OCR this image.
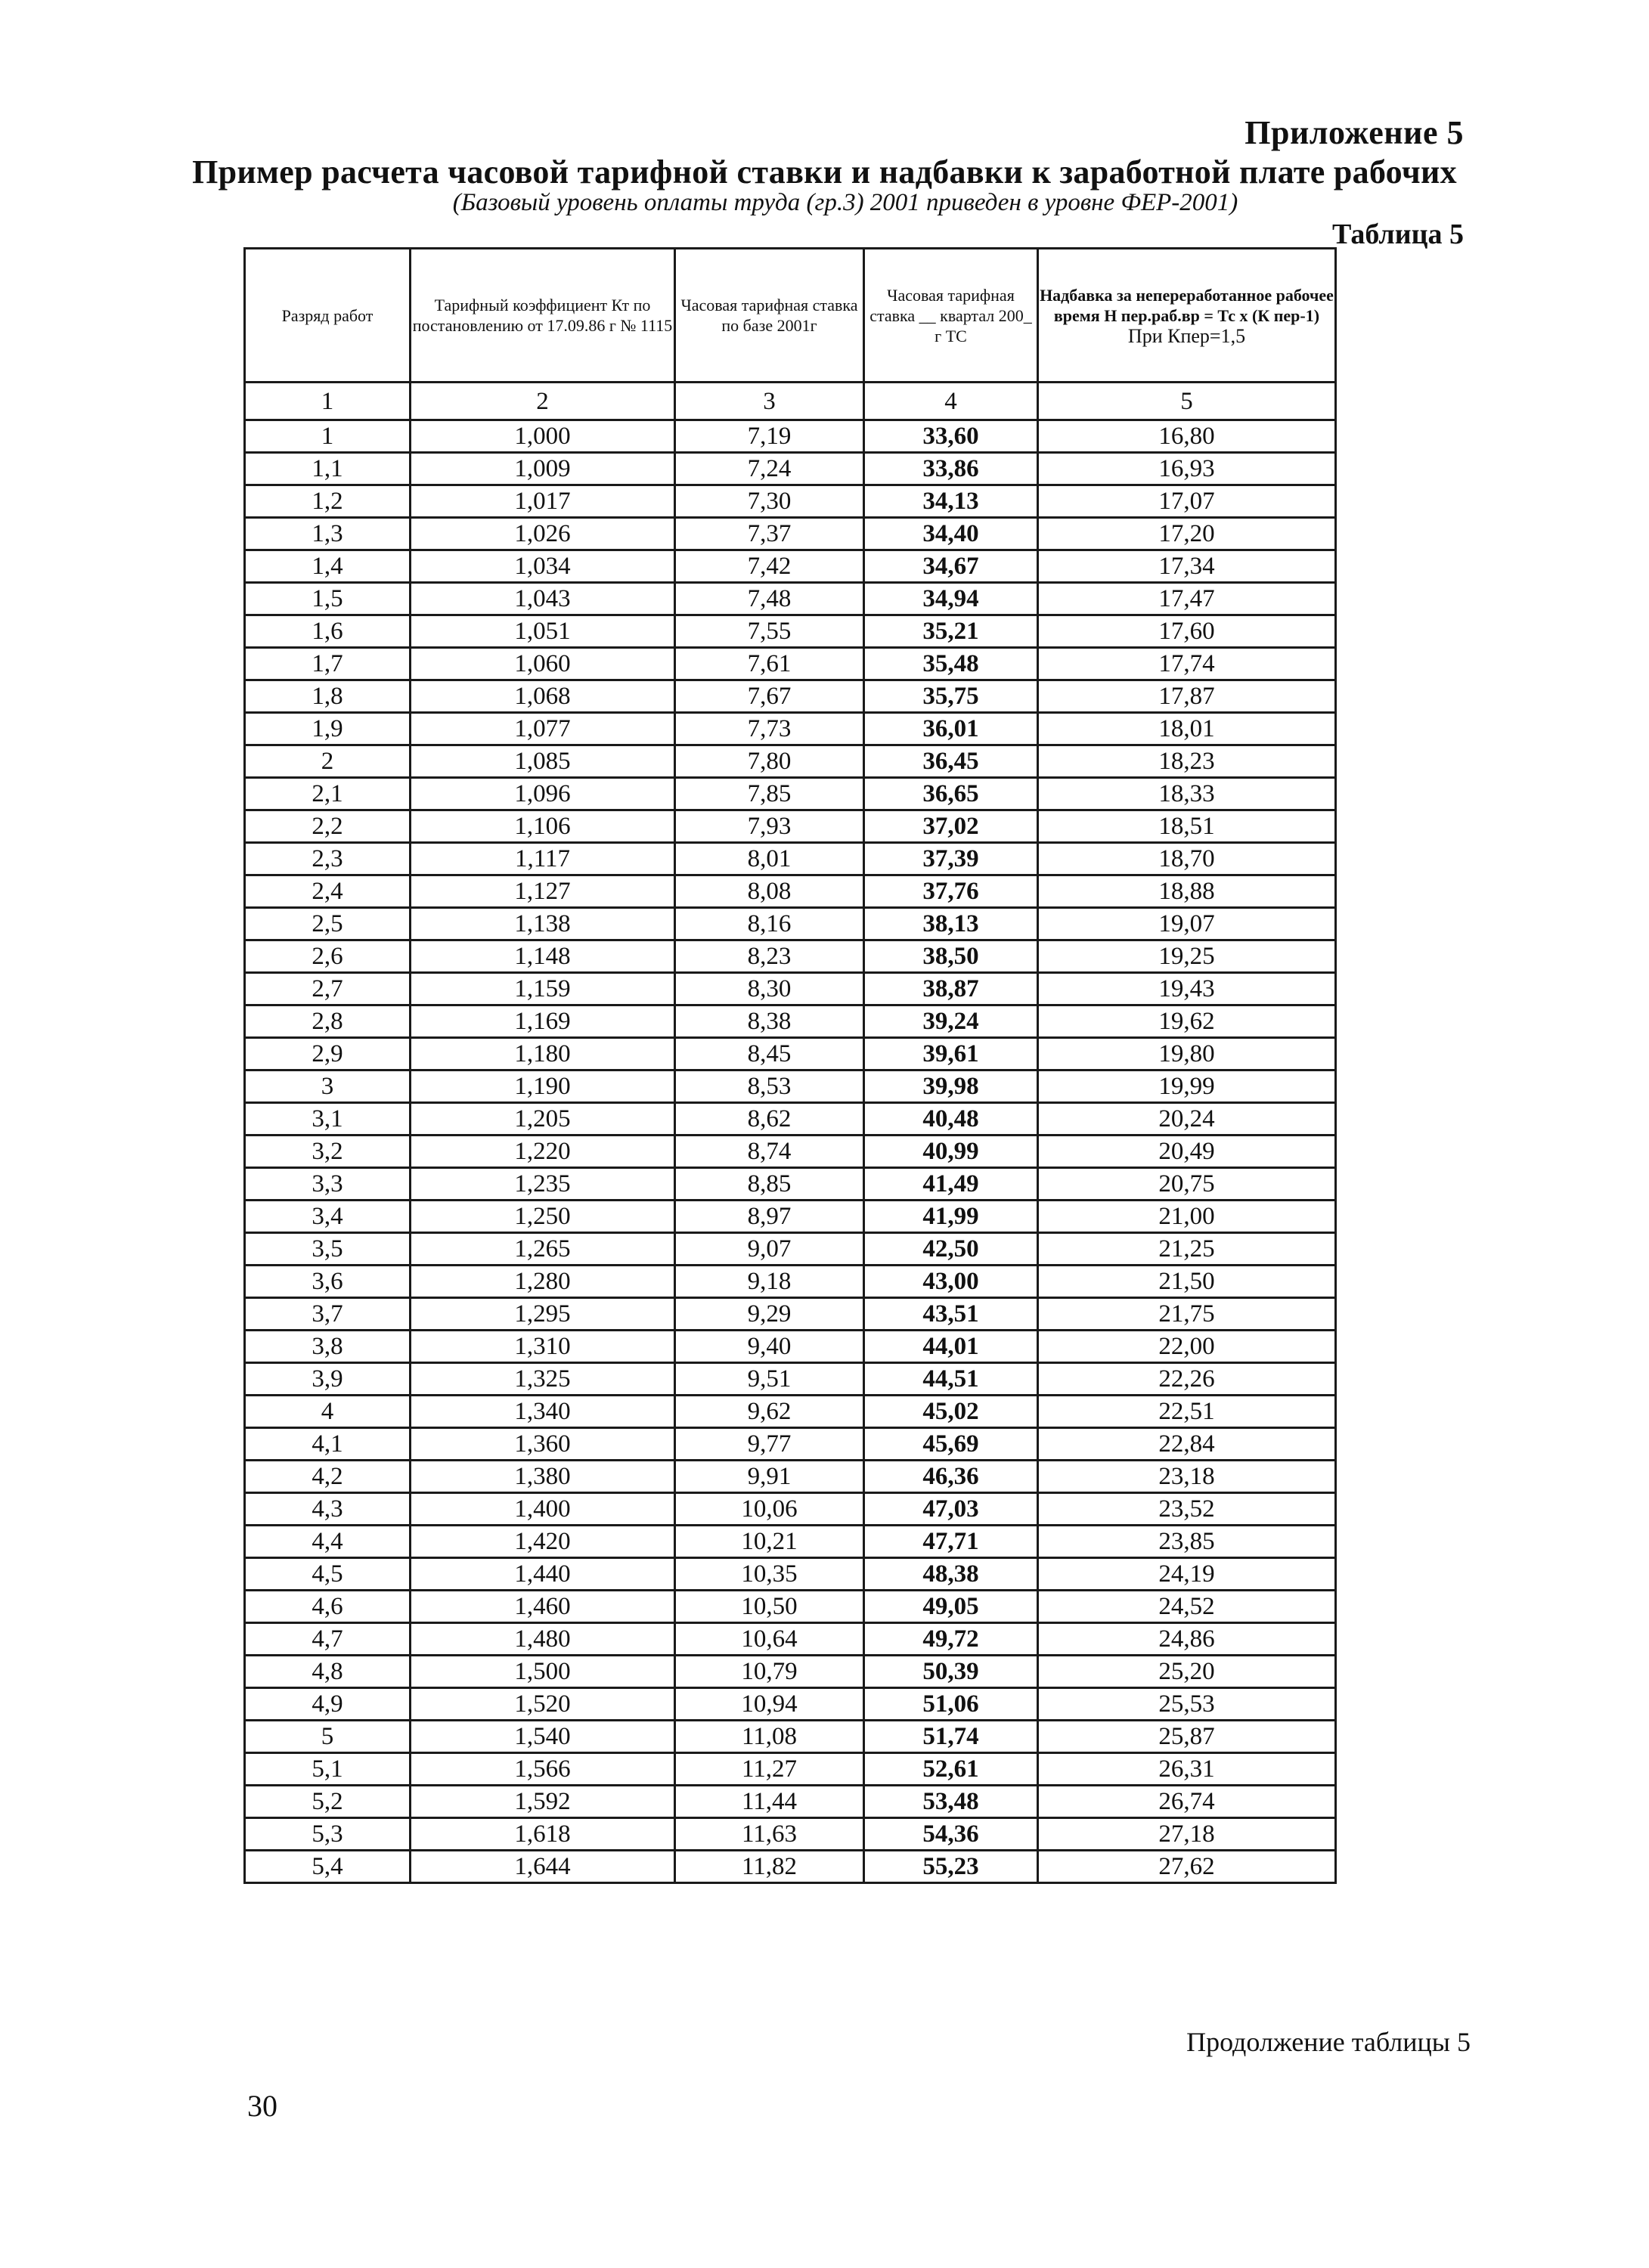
Приложение 5
Пример расчета часовой тарифной ставки и надбавки к заработной плате рабочих
(Базовый уровень оплаты труда (гр.3) 2001 приведен в уровне ФЕР-2001)
Таблица 5
Разряд работ	Тарифный коэффициент Кт по постановлению от 17.09.86 г № 1115	Часовая тарифная ставка по базе 2001г	Часовая тарифная ставка __ квартал 200_ г ТС	Надбавка за непереработанное рабочее время Н пер.раб.вр = Тс х (К пер-1)
При Кпер=1,5

1	2	3	4	5
1	1,000	7,19	33,60	16,80
1,1	1,009	7,24	33,86	16,93
1,2	1,017	7,30	34,13	17,07
1,3	1,026	7,37	34,40	17,20
1,4	1,034	7,42	34,67	17,34
1,5	1,043	7,48	34,94	17,47
1,6	1,051	7,55	35,21	17,60
1,7	1,060	7,61	35,48	17,74
1,8	1,068	7,67	35,75	17,87
1,9	1,077	7,73	36,01	18,01
2	1,085	7,80	36,45	18,23
2,1	1,096	7,85	36,65	18,33
2,2	1,106	7,93	37,02	18,51
2,3	1,117	8,01	37,39	18,70
2,4	1,127	8,08	37,76	18,88
2,5	1,138	8,16	38,13	19,07
2,6	1,148	8,23	38,50	19,25
2,7	1,159	8,30	38,87	19,43
2,8	1,169	8,38	39,24	19,62
2,9	1,180	8,45	39,61	19,80
3	1,190	8,53	39,98	19,99
3,1	1,205	8,62	40,48	20,24
3,2	1,220	8,74	40,99	20,49
3,3	1,235	8,85	41,49	20,75
3,4	1,250	8,97	41,99	21,00
3,5	1,265	9,07	42,50	21,25
3,6	1,280	9,18	43,00	21,50
3,7	1,295	9,29	43,51	21,75
3,8	1,310	9,40	44,01	22,00
3,9	1,325	9,51	44,51	22,26
4	1,340	9,62	45,02	22,51
4,1	1,360	9,77	45,69	22,84
4,2	1,380	9,91	46,36	23,18
4,3	1,400	10,06	47,03	23,52
4,4	1,420	10,21	47,71	23,85
4,5	1,440	10,35	48,38	24,19
4,6	1,460	10,50	49,05	24,52
4,7	1,480	10,64	49,72	24,86
4,8	1,500	10,79	50,39	25,20
4,9	1,520	10,94	51,06	25,53
5	1,540	11,08	51,74	25,87
5,1	1,566	11,27	52,61	26,31
5,2	1,592	11,44	53,48	26,74
5,3	1,618	11,63	54,36	27,18
5,4	1,644	11,82	55,23	27,62
Продолжение таблицы 5
30
